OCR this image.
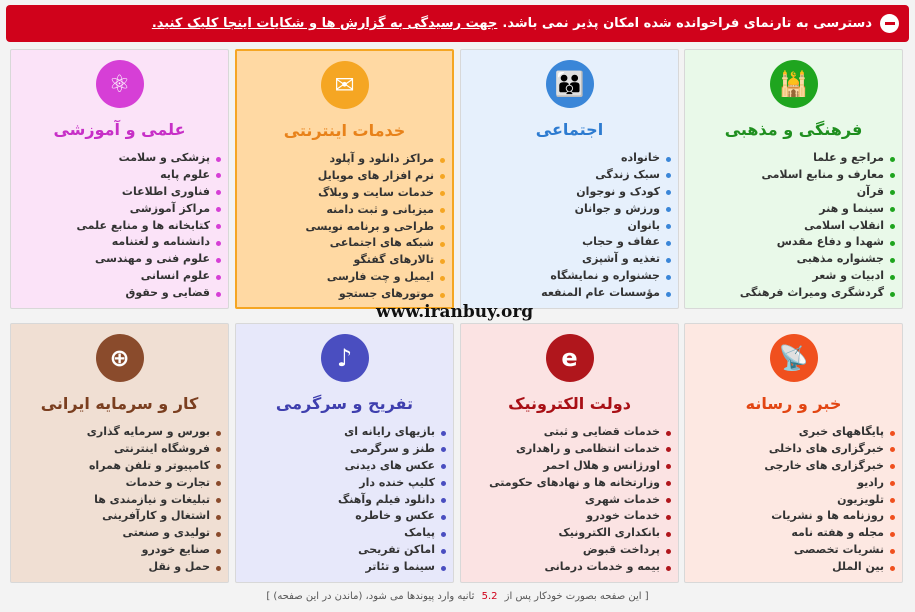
دسترسی به تارنمای فراخوانده شده امکان پذیر نمی باشد.
جهت رسیدگی به گزارش ها و شکایات اینجا کلیک کنید.
🕌
فرهنگی و مذهبی
مراجع و علما
معارف و منابع اسلامی
قرآن
سینما و هنر
انقلاب اسلامی
شهدا و دفاع مقدس
جشنواره مذهبی
ادبیات و شعر
گردشگری ومیراث فرهنگی
👪
اجتماعی
خانواده
سبک زندگی
کودک و نوجوان
ورزش و جوانان
بانوان
عفاف و حجاب
تغذیه و آشپزی
جشنواره و نمایشگاه
مؤسسات عام المنفعه
✉
خدمات اینترنتی
مراکز دانلود و آپلود
نرم افزار های موبایل
خدمات سایت و وبلاگ
میزبانی و ثبت دامنه
طراحی و برنامه نویسی
شبکه های اجتماعی
تالارهای گفتگو
ایمیل و چت فارسی
موتورهای جستجو
⚛
علمی و آموزشی
پزشکی و سلامت
علوم پایه
فناوری اطلاعات
مراکز آموزشی
کتابخانه ها و منابع علمی
دانشنامه و لغتنامه
علوم فنی و مهندسی
علوم انسانی
قضایی و حقوق
📡
خبر و رسانه
پایگاههای خبری
خبرگزاری های داخلی
خبرگزاری های خارجی
رادیو
تلویزیون
روزنامه ها و نشریات
مجله و هفته نامه
نشریات تخصصی
بین الملل
e
دولت الکترونیک
خدمات قضایی و ثبتی
خدمات انتظامی و راهداری
اورژانس و هلال احمر
وزارتخانه ها و نهادهای حکومتی
خدمات شهری
خدمات خودرو
بانکداری الکترونیک
پرداخت قبوض
بیمه و خدمات درمانی
♪
تفریح و سرگرمی
بازیهای رایانه ای
طنز و سرگرمی
عکس های دیدنی
کلیپ خنده دار
دانلود فیلم وآهنگ
عکس و خاطره
پیامک
اماکن تفریحی
سینما و تئاتر
⊕
کار و سرمایه ایرانی
بورس و سرمایه گذاری
فروشگاه اینترنتی
کامپیوتر و تلفن همراه
تجارت و خدمات
تبلیغات و نیازمندی ها
اشتغال و کارآفرینی
تولیدی و صنعتی
صنایع خودرو
حمل و نقل
www.iranbuy.org
[ این صفحه بصورت خودکار پس از 5.2 ثانیه وارد پیوندها می شود، (ماندن در این صفحه) ]
